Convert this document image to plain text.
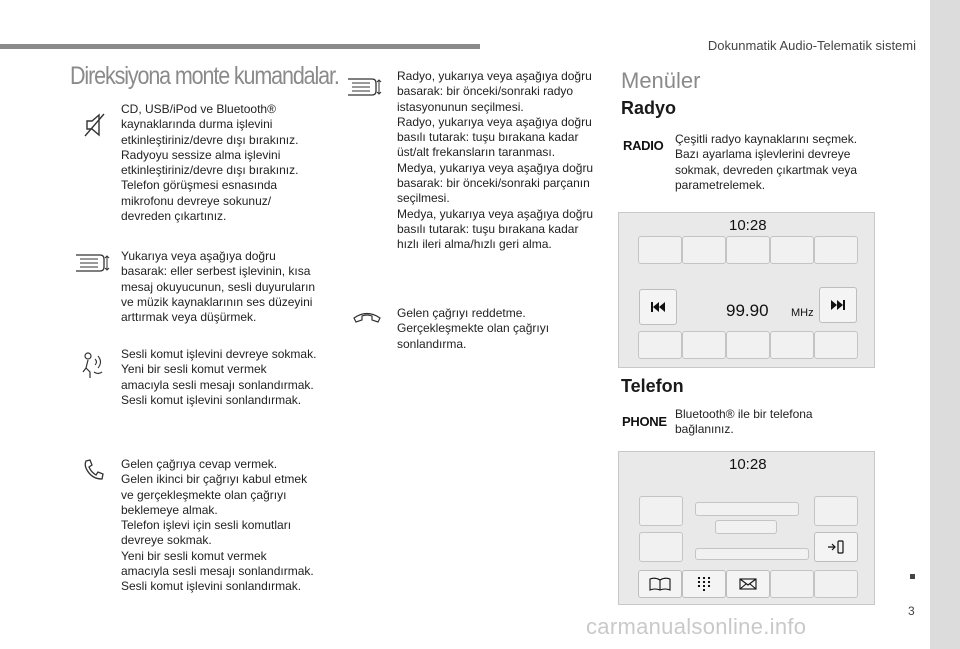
Dokunmatik Audio-Telematik sistemi
Direksiyona monte kumandalar.

CD, USB/iPod ve Bluetooth®

kaynaklarında durma işlevini

etkinleştiriniz/devre dışı bırakınız.

Radyoyu sessize alma işlevini

etkinleştiriniz/devre dışı bırakınız.

Telefon görüşmesi esnasında

mikrofonu devreye sokunuz/

devreden çıkartınız.

Yukarıya veya aşağıya doğru

basarak: eller serbest işlevinin, kısa

mesaj okuyucunun, sesli duyuruların

ve müzik kaynaklarının ses düzeyini

arttırmak veya düşürmek.

Sesli komut işlevini devreye sokmak.

Yeni bir sesli komut vermek

amacıyla sesli mesajı sonlandırmak.

Sesli komut işlevini sonlandırmak.

Gelen çağrıya cevap vermek.

Gelen ikinci bir çağrıyı kabul etmek

ve gerçekleşmekte olan çağrıyı

beklemeye almak.

Telefon işlevi için sesli komutları

devreye sokmak.

Yeni bir sesli komut vermek

amacıyla sesli mesajı sonlandırmak.

Sesli komut işlevini sonlandırmak.

Radyo, yukarıya veya aşağıya doğru

basarak: bir önceki/sonraki radyo

istasyonunun seçilmesi.

Radyo, yukarıya veya aşağıya doğru

basılı tutarak: tuşu bırakana kadar

üst/alt frekansların taranması.

Medya, yukarıya veya aşağıya doğru

basarak: bir önceki/sonraki parçanın

seçilmesi.

Medya, yukarıya veya aşağıya doğru

basılı tutarak: tuşu bırakana kadar

hızlı ileri alma/hızlı geri alma.

Gelen çağrıyı reddetme.

Gerçekleşmekte olan çağrıyı

sonlandırma.

Menüler
Radyo
RADIO Çeşitli radyo kaynaklarını seçmek.

Bazı ayarlama işlevlerini devreye

sokmak, devreden çıkartmak veya

parametrelemek.

10:28
99.90 MHz
Telefon
PHONE Bluetooth® ile bir telefona

bağlanınız.

10:28
3
carmanualsonline.info
